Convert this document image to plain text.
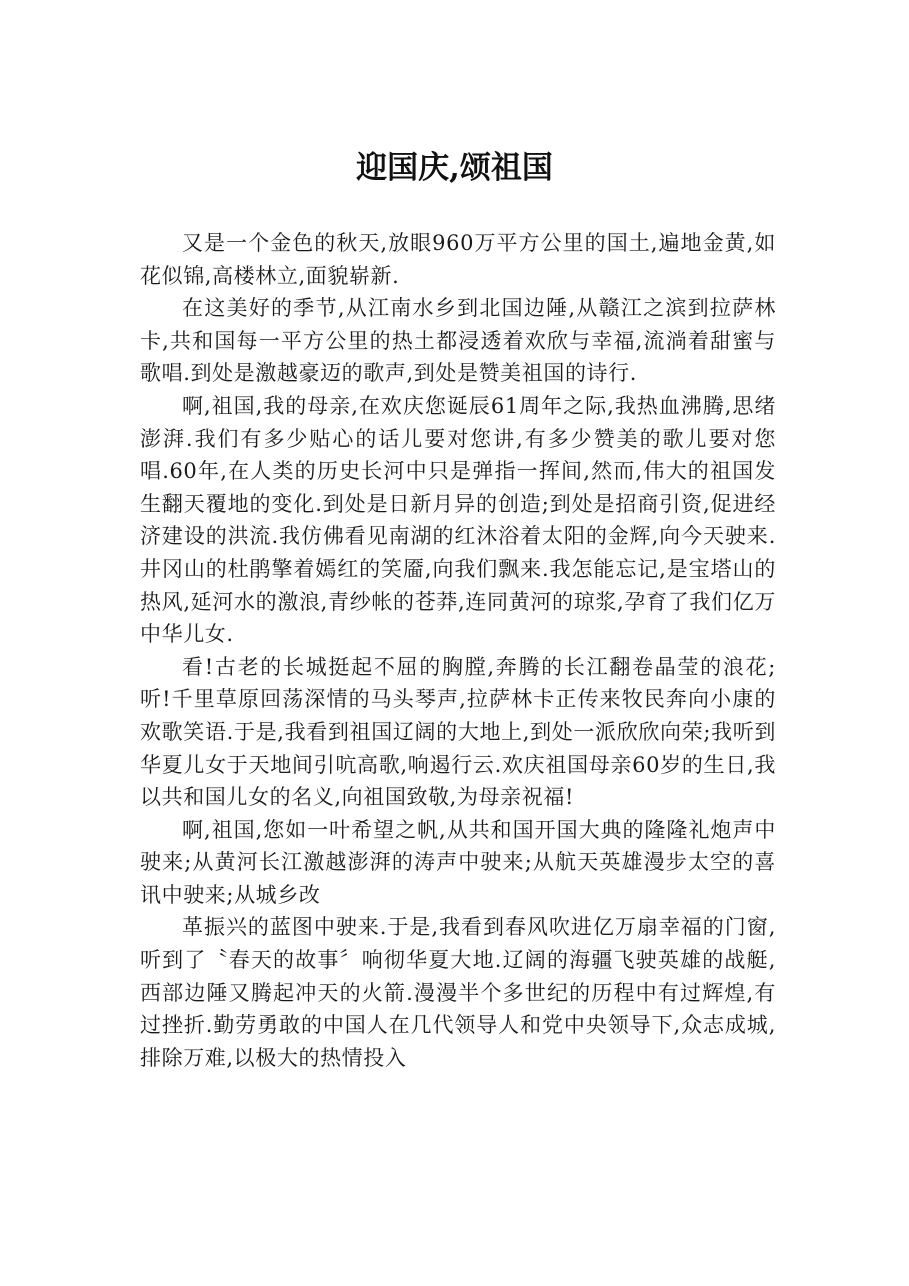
迎国庆,颂祖国

又是一个金色的秋天,放眼960万平方公里的国土,遍地金黄,如花似锦,高楼林立,面貌崭新.

在这美好的季节,从江南水乡到北国边陲,从赣江之滨到拉萨林卡,共和国每一平方公里的热土都浸透着欢欣与幸福,流淌着甜蜜与歌唱.到处是激越豪迈的歌声,到处是赞美祖国的诗行.

啊,祖国,我的母亲,在欢庆您诞辰61周年之际,我热血沸腾,思绪澎湃.我们有多少贴心的话儿要对您讲,有多少赞美的歌儿要对您唱.60年,在人类的历史长河中只是弹指一挥间,然而,伟大的祖国发生翻天覆地的变化.到处是日新月异的创造;到处是招商引资,促进经济建设的洪流.我仿佛看见南湖的红沐浴着太阳的金辉,向今天驶来.井冈山的杜鹃擎着嫣红的笑靥,向我们飘来.我怎能忘记,是宝塔山的热风,延河水的激浪,青纱帐的苍莽,连同黄河的琼浆,孕育了我们亿万中华儿女.

看!古老的长城挺起不屈的胸膛,奔腾的长江翻卷晶莹的浪花;听!千里草原回荡深情的马头琴声,拉萨林卡正传来牧民奔向小康的欢歌笑语.于是,我看到祖国辽阔的大地上,到处一派欣欣向荣;我听到华夏儿女于天地间引吭高歌,响遏行云.欢庆祖国母亲60岁的生日,我以共和国儿女的名义,向祖国致敬,为母亲祝福!

啊,祖国,您如一叶希望之帆,从共和国开国大典的隆隆礼炮声中驶来;从黄河长江激越澎湃的涛声中驶来;从航天英雄漫步太空的喜讯中驶来;从城乡改

革振兴的蓝图中驶来.于是,我看到春风吹进亿万扇幸福的门窗,听到了〝春天的故事〞响彻华夏大地.辽阔的海疆飞驶英雄的战艇,西部边陲又腾起冲天的火箭.漫漫半个多世纪的历程中有过辉煌,有过挫折.勤劳勇敢的中国人在几代领导人和党中央领导下,众志成城,排除万难,以极大的热情投入
